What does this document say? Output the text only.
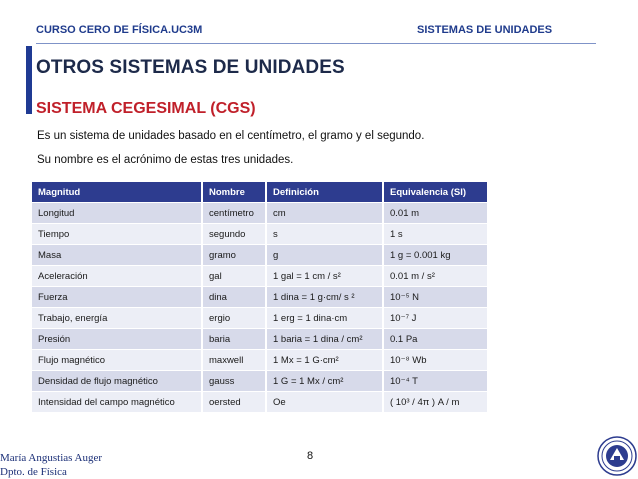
CURSO CERO DE FÍSICA.UC3M	SISTEMAS DE UNIDADES
OTROS SISTEMAS DE UNIDADES
SISTEMA CEGESIMAL (CGS)
Es un sistema de unidades basado en el centímetro, el gramo y el segundo.
Su nombre es el acrónimo de estas tres unidades.
Magnitud	Nombre	Definición	Equivalencia (SI)
Longitud	centímetro	cm	0.01 m
Tiempo	segundo	s	1 s
Masa	gramo	g	1 g = 0.001 kg
Aceleración	gal	1 gal = 1 cm / s²	0.01 m / s²
Fuerza	dina	1 dina = 1 g·cm/ s ²	10⁻⁵ N
Trabajo, energía	ergio	1 erg = 1 dina·cm	10⁻⁷ J
Presión	baria	1 baria = 1 dina / cm²	0.1 Pa
Flujo magnético	maxwell	1 Mx = 1 G·cm²	10⁻⁸ Wb
Densidad de flujo magnético	gauss	1 G = 1 Mx / cm²	10⁻⁴ T
Intensidad del campo magnético	oersted	Oe	( 10³ / 4π ) A / m
María Angustias Auger
Dpto. de Física
8
